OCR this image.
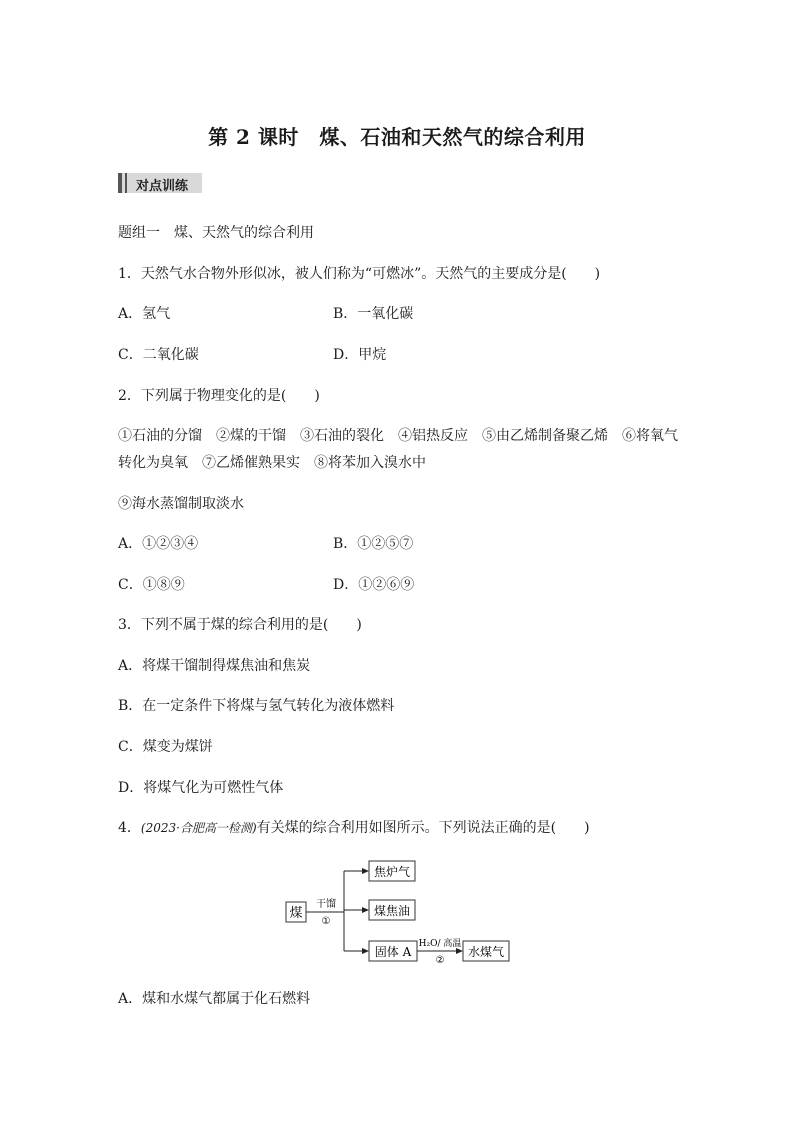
第 2 课时　煤、石油和天然气的综合利用
对点训练
题组一　煤、天然气的综合利用
1．天然气水合物外形似冰，被人们称为“可燃冰”。天然气的主要成分是(　　)
A．氢气	B．一氧化碳
C．二氧化碳	D．甲烷
2．下列属于物理变化的是(　　)
①石油的分馏　②煤的干馏　③石油的裂化　④铝热反应　⑤由乙烯制备聚乙烯　⑥将氧气
转化为臭氧　⑦乙烯催熟果实　⑧将苯加入溴水中
⑨海水蒸馏制取淡水
A．①②③④	B．①②⑤⑦
C．①⑧⑨	D．①②⑥⑨
3．下列不属于煤的综合利用的是(　　)
A．将煤干馏制得煤焦油和焦炭
B．在一定条件下将煤与氢气转化为液体燃料
C．煤变为煤饼
D．将煤气化为可燃性气体
4．(2023·合肥高一检测)有关煤的综合利用如图所示。下列说法正确的是(　　)
煤
干馏
①
焦炉气
煤焦油
固体 A
H₂O/ 高温
②
水煤气
A．煤和水煤气都属于化石燃料
